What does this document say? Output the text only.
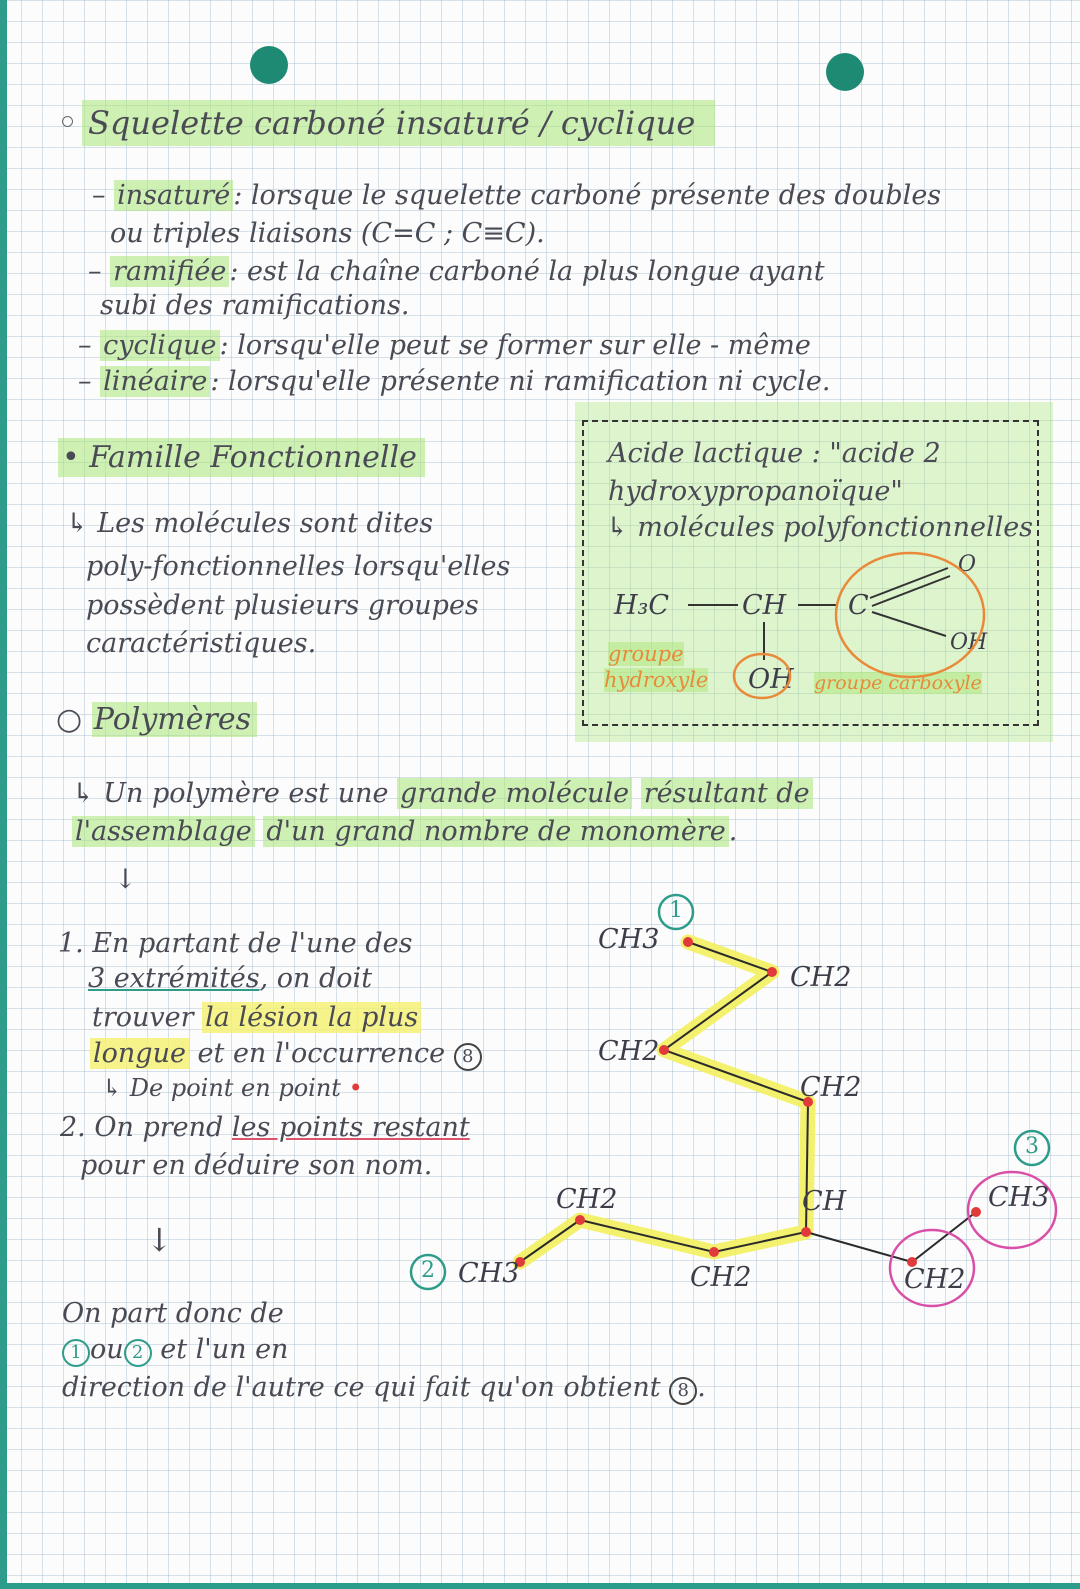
Squelette carboné insaturé / cyclique
– insaturé : lorsque le squelette carboné présente des doubles
ou triples liaisons (C=C ; C≡C).
– ramifiée : est la chaîne carboné la plus longue ayant
subi des ramifications.
– cyclique : lorsqu'elle peut se former sur elle - même
– linéaire : lorsqu'elle présente ni ramification ni cycle.
• Famille Fonctionnelle
↳ Les molécules sont dites
poly-fonctionnelles lorsqu'elles
possèdent plusieurs groupes
caractéristiques.
Acide lactique : "acide 2
hydroxypropanoïque"
↳ molécules polyfonctionnelles
H₃C	CH C
O
OH
OH
groupe
hydroxyle	groupe carboxyle
○ Polymères
↳ Un polymère est une grande molécule résultant de
l'assemblage d'un grand nombre de monomère .
↓
1. En partant de l'une des
3 extrémités, on doit
trouver la lésion la plus
longue et en l'occurrence 8
↳ De point en point •
2. On prend les points restant
pour en déduire son nom.
↓
On part donc de
1 ou 2 et l'un en
direction de l'autre ce qui fait qu'on obtient 8 .
CH3
CH2
CH2
CH2
CH
CH2
CH2
CH3	CH2
CH3
1
2
3
